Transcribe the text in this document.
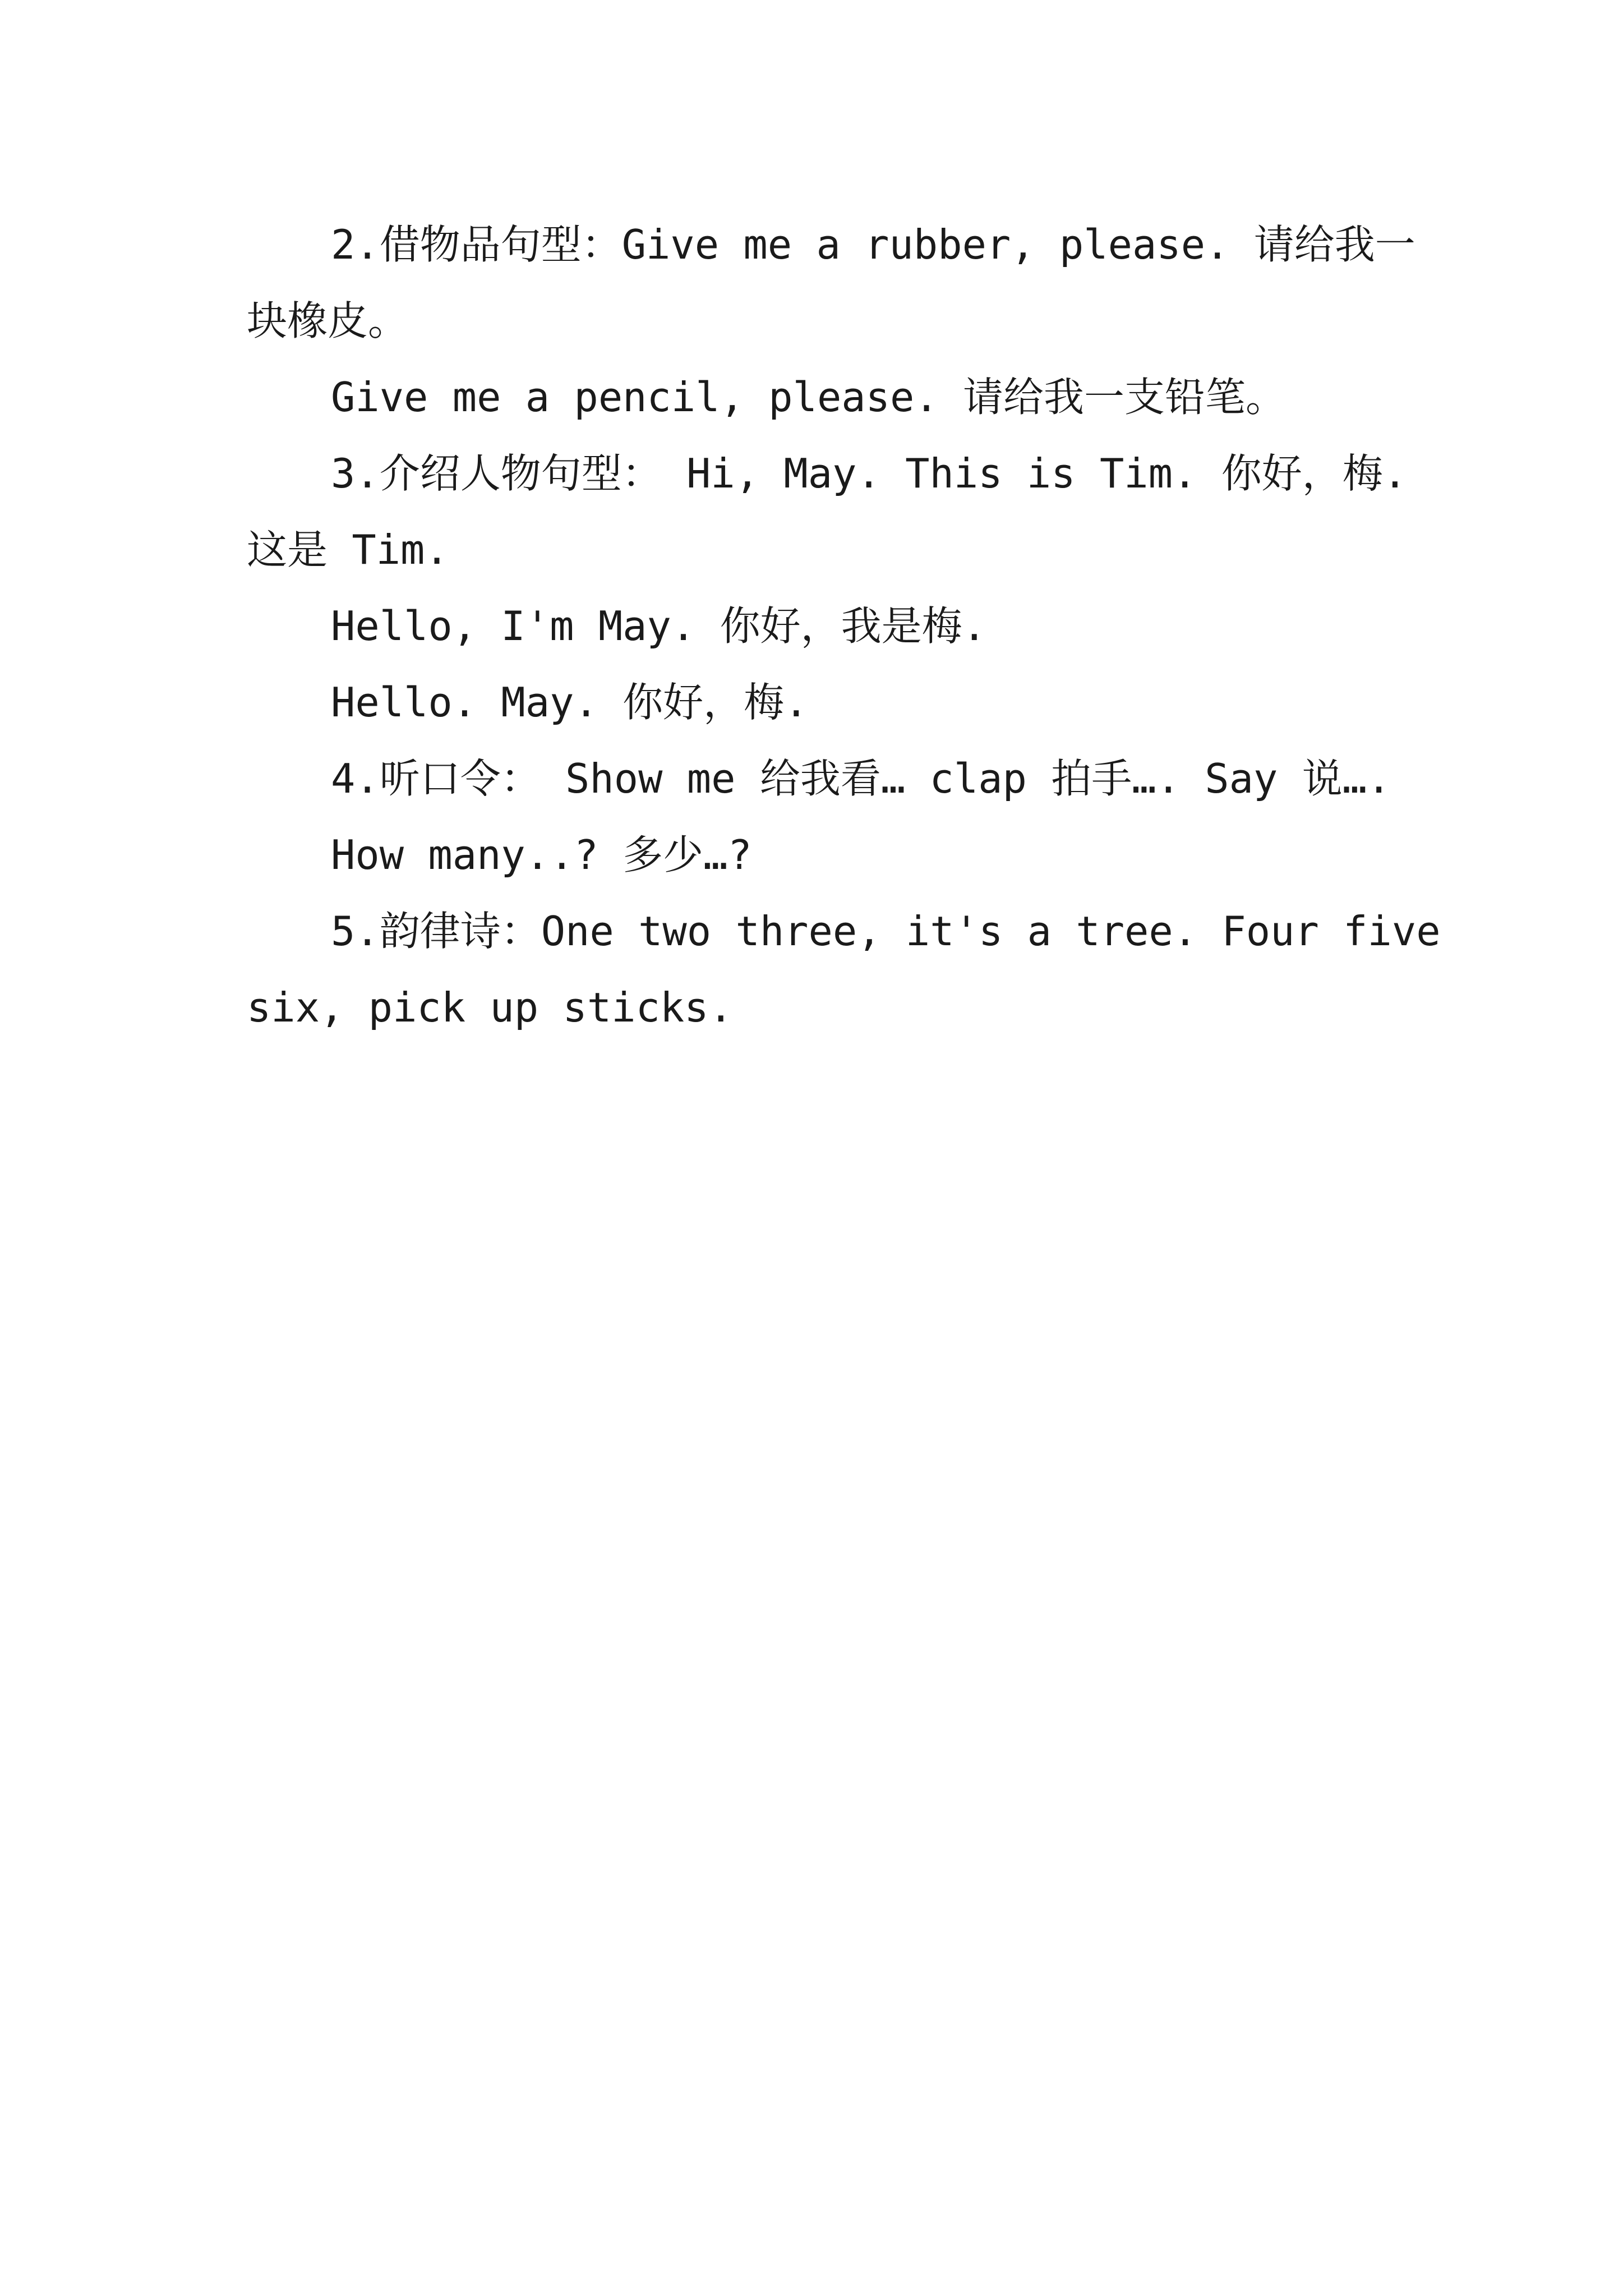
2.借物品句型：Give me a rubber, please. 请给我一
块橡皮。
Give me a pencil, please. 请给我一支铅笔。
3.介绍人物句型： Hi, May. This is Tim. 你好，梅.
这是 Tim.
Hello, I'm May. 你好，我是梅.
Hello. May. 你好，梅.
4.听口令： Show me 给我看… clap 拍手…. Say 说….
How many..? 多少…?
5.韵律诗：One two three, it's a tree. Four five
six, pick up sticks.
